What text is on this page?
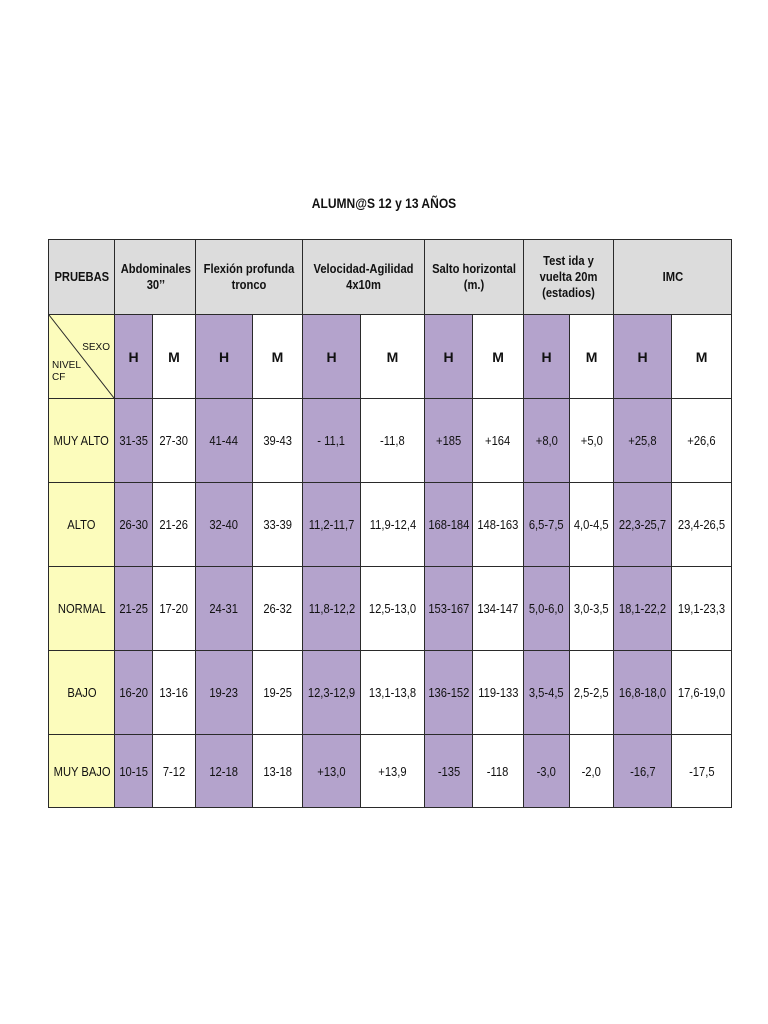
ALUMN@S 12 y 13 AÑOS
PRUEBAS	Abdominales 30’’		Flexión profunda tronco		Velocidad-Agilidad 4x10m		Salto horizontal (m.)		Test ida y vuelta 20m (estadios)		IMC	

SEXO
NIVEL
CF	H	M	H	M	H	M	H	M	H	M	H	M
MUY ALTO	31-35	27-30	41-44	39-43	- 11,1	-11,8	+185	+164	+8,0	+5,0	+25,8	+26,6
ALTO	26-30	21-26	32-40	33-39	11,2-11,7	11,9-12,4	168-184	148-163	6,5-7,5	4,0-4,5	22,3-25,7	23,4-26,5
NORMAL	21-25	17-20	24-31	26-32	11,8-12,2	12,5-13,0	153-167	134-147	5,0-6,0	3,0-3,5	18,1-22,2	19,1-23,3
BAJO	16-20	13-16	19-23	19-25	12,3-12,9	13,1-13,8	136-152	119-133	3,5-4,5	2,5-2,5	16,8-18,0	17,6-19,0
MUY BAJO	10-15	7-12	12-18	13-18	+13,0	+13,9	-135	-118	-3,0	-2,0	-16,7	-17,5
